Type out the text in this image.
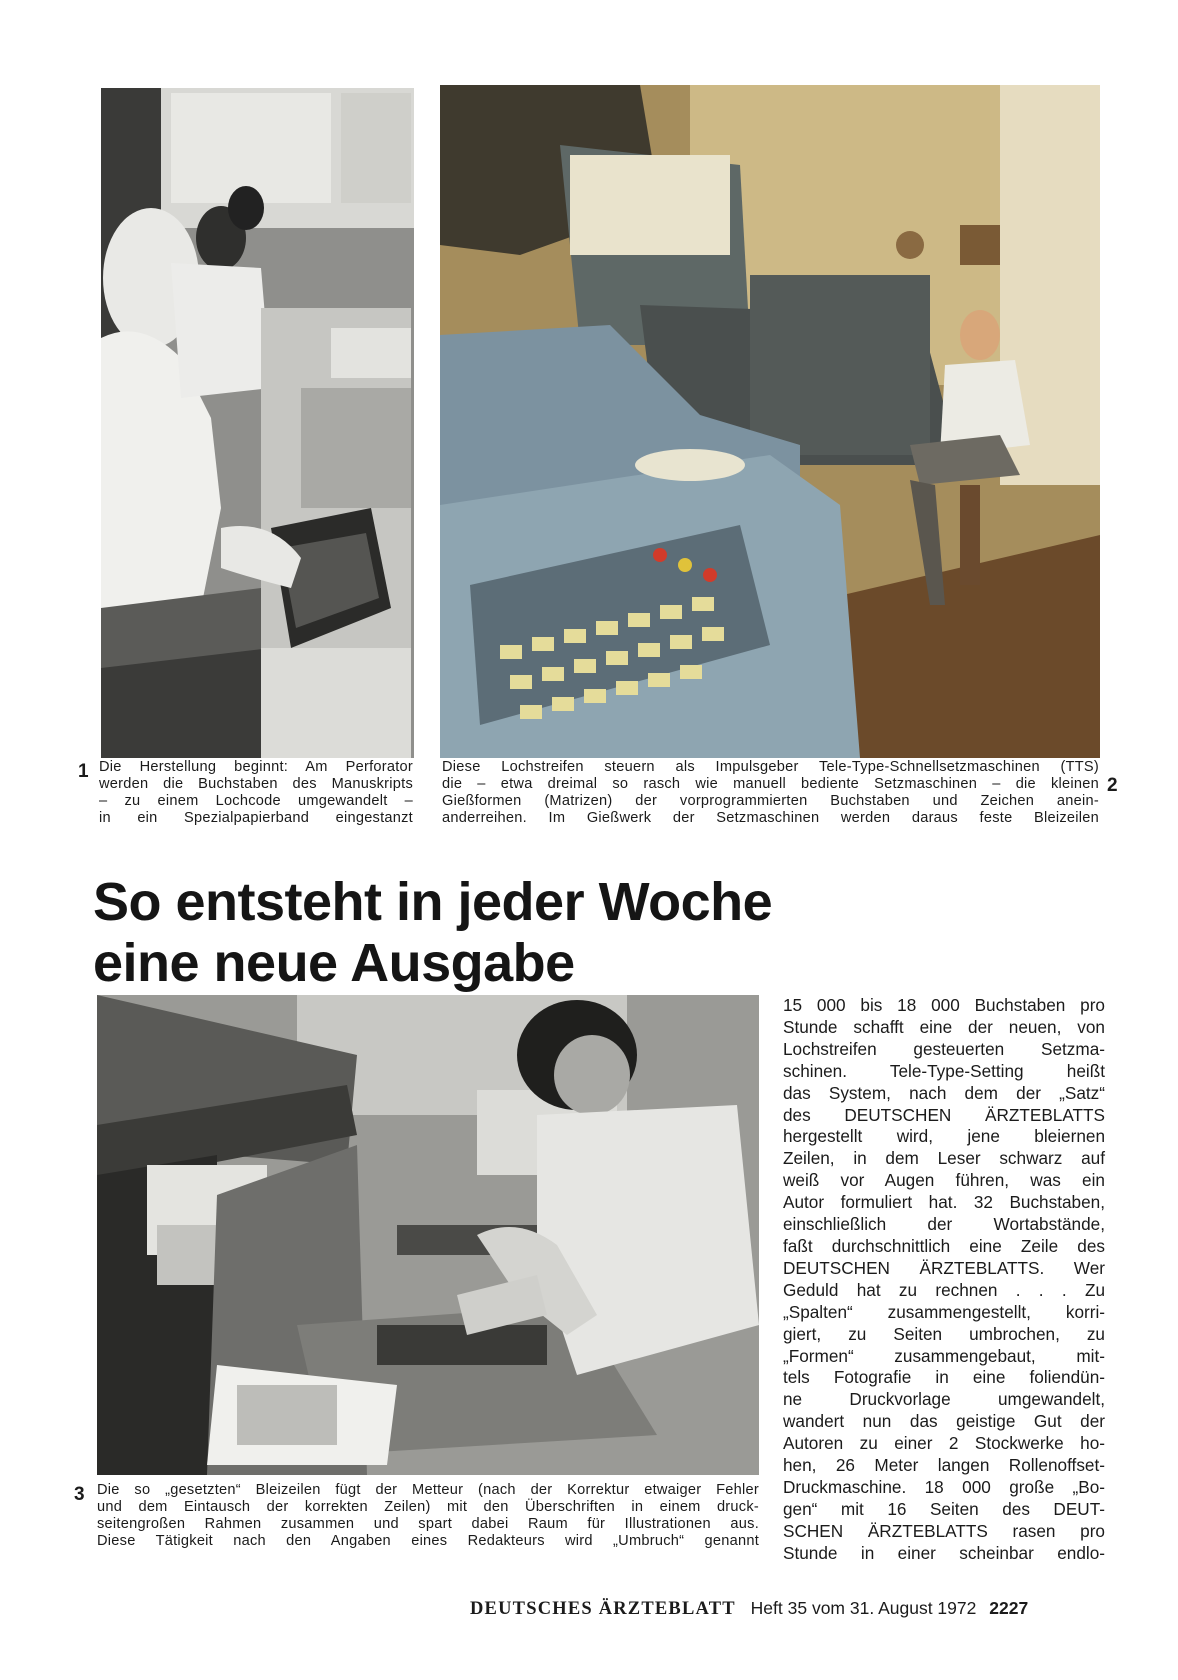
1 Die Herstellung beginnt: Am Perforator
werden die Buchstaben des Manuskripts
– zu einem Lochcode umgewandelt –
in ein Spezialpapierband eingestanzt
Diese Lochstreifen steuern als Impulsgeber Tele-Type-Schnellsetzmaschinen (TTS)
die – etwa dreimal so rasch wie manuell bediente Setzmaschinen – die kleinen
Gießformen (Matrizen) der vorprogrammierten Buchstaben und Zeichen anein-
anderreihen. Im Gießwerk der Setzmaschinen werden daraus feste Bleizeilen
2
So entsteht in jeder Woche
eine neue Ausgabe
3 Die so „gesetzten“ Bleizeilen fügt der Metteur (nach der Korrektur etwaiger Fehler
und dem Eintausch der korrekten Zeilen) mit den Überschriften in einem druck-
seitengroßen Rahmen zusammen und spart dabei Raum für Illustrationen aus.
Diese Tätigkeit nach den Angaben eines Redakteurs wird „Umbruch“ genannt
15 000 bis 18 000 Buchstaben pro
Stunde schafft eine der neuen, von
Lochstreifen gesteuerten Setzma-
schinen. Tele-Type-Setting heißt
das System, nach dem der „Satz“
des DEUTSCHEN ÄRZTEBLATTS
hergestellt wird, jene bleiernen
Zeilen, in dem Leser schwarz auf
weiß vor Augen führen, was ein
Autor formuliert hat. 32 Buchstaben,
einschließlich der Wortabstände,
faßt durchschnittlich eine Zeile des
DEUTSCHEN ÄRZTEBLATTS. Wer
Geduld hat zu rechnen . . . Zu
„Spalten“ zusammengestellt, korri-
giert, zu Seiten umbrochen, zu
„Formen“ zusammengebaut, mit-
tels Fotografie in eine foliendün-
ne Druckvorlage umgewandelt,
wandert nun das geistige Gut der
Autoren zu einer 2 Stockwerke ho-
hen, 26 Meter langen Rollenoffset-
Druckmaschine. 18 000 große „Bo-
gen“ mit 16 Seiten des DEUT-
SCHEN ÄRZTEBLATTS rasen pro
Stunde in einer scheinbar endlo-
DEUTSCHES ÄRZTEBLATT Heft 35 vom 31. August 1972 2227
